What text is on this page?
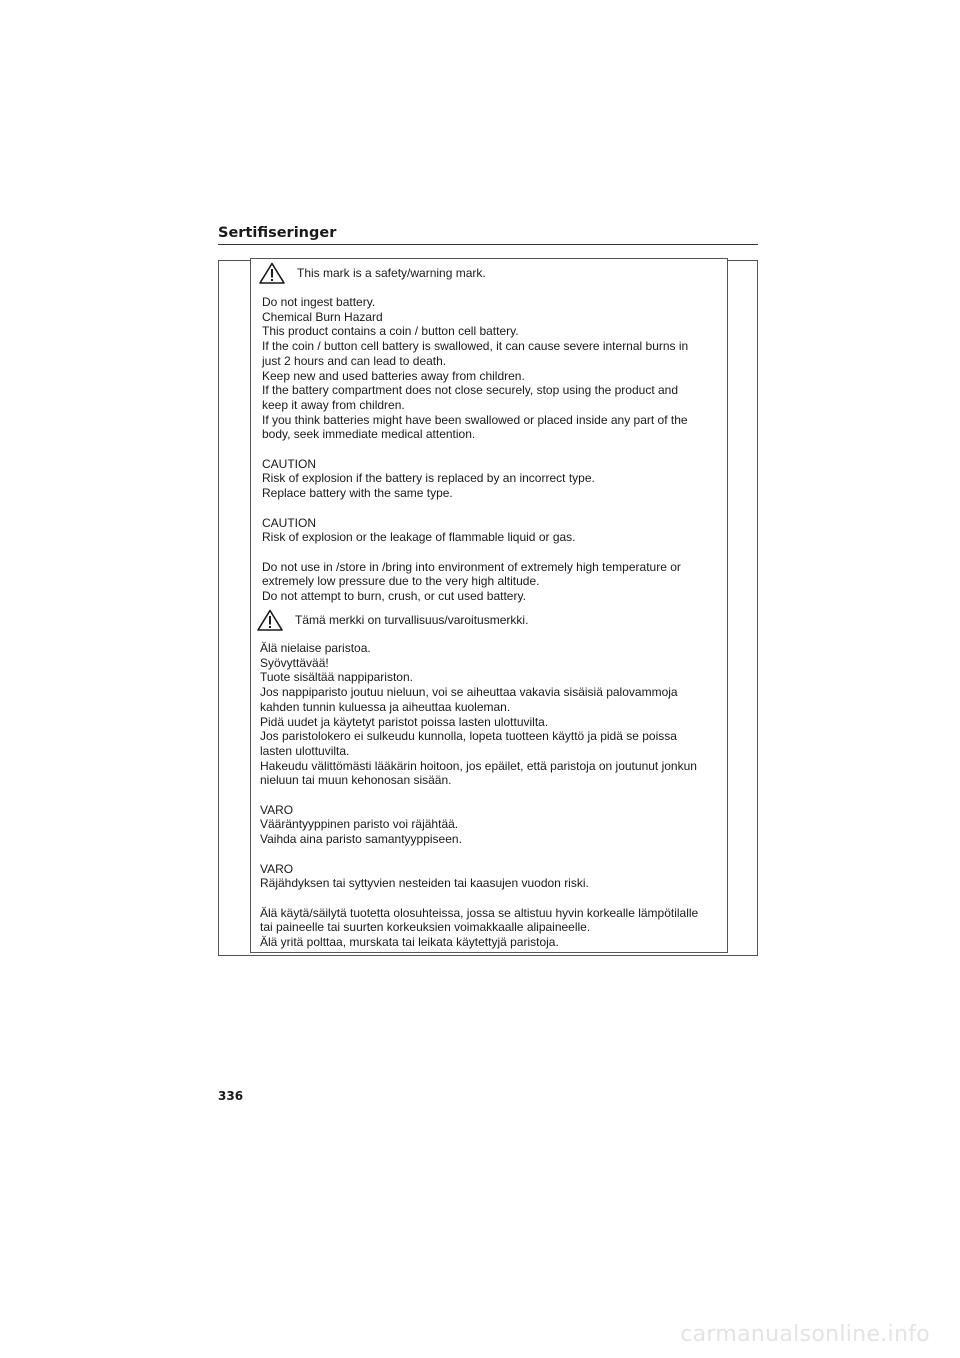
Sertifiseringer
This mark is a safety/warning mark.
Do not ingest battery.
Chemical Burn Hazard
This product contains a coin / button cell battery.
If the coin / button cell battery is swallowed, it can cause severe internal burns in
just 2 hours and can lead to death.
Keep new and used batteries away from children.
If the battery compartment does not close securely, stop using the product and
keep it away from children.
If you think batteries might have been swallowed or placed inside any part of the
body, seek immediate medical attention.

CAUTION
Risk of explosion if the battery is replaced by an incorrect type.
Replace battery with the same type.

CAUTION
Risk of explosion or the leakage of flammable liquid or gas.

Do not use in /store in /bring into environment of extremely high temperature or
extremely low pressure due to the very high altitude.
Do not attempt to burn, crush, or cut used battery.
Tämä merkki on turvallisuus/varoitusmerkki.
Älä nielaise paristoa.
Syövyttävää!
Tuote sisältää nappipariston.
Jos nappiparisto joutuu nieluun, voi se aiheuttaa vakavia sisäisiä palovammoja
kahden tunnin kuluessa ja aiheuttaa kuoleman.
Pidä uudet ja käytetyt paristot poissa lasten ulottuvilta.
Jos paristolokero ei sulkeudu kunnolla, lopeta tuotteen käyttö ja pidä se poissa
lasten ulottuvilta.
Hakeudu välittömästi lääkärin hoitoon, jos epäilet, että paristoja on joutunut jonkun
nieluun tai muun kehonosan sisään.

VARO
Vääräntyyppinen paristo voi räjähtää.
Vaihda aina paristo samantyyppiseen.

VARO
Räjähdyksen tai syttyvien nesteiden tai kaasujen vuodon riski.

Älä käytä/säilytä tuotetta olosuhteissa, jossa se altistuu hyvin korkealle lämpötilalle
tai paineelle tai suurten korkeuksien voimakkaalle alipaineelle.
Älä yritä polttaa, murskata tai leikata käytettyjä paristoja.
336
carmanualsonline.info
